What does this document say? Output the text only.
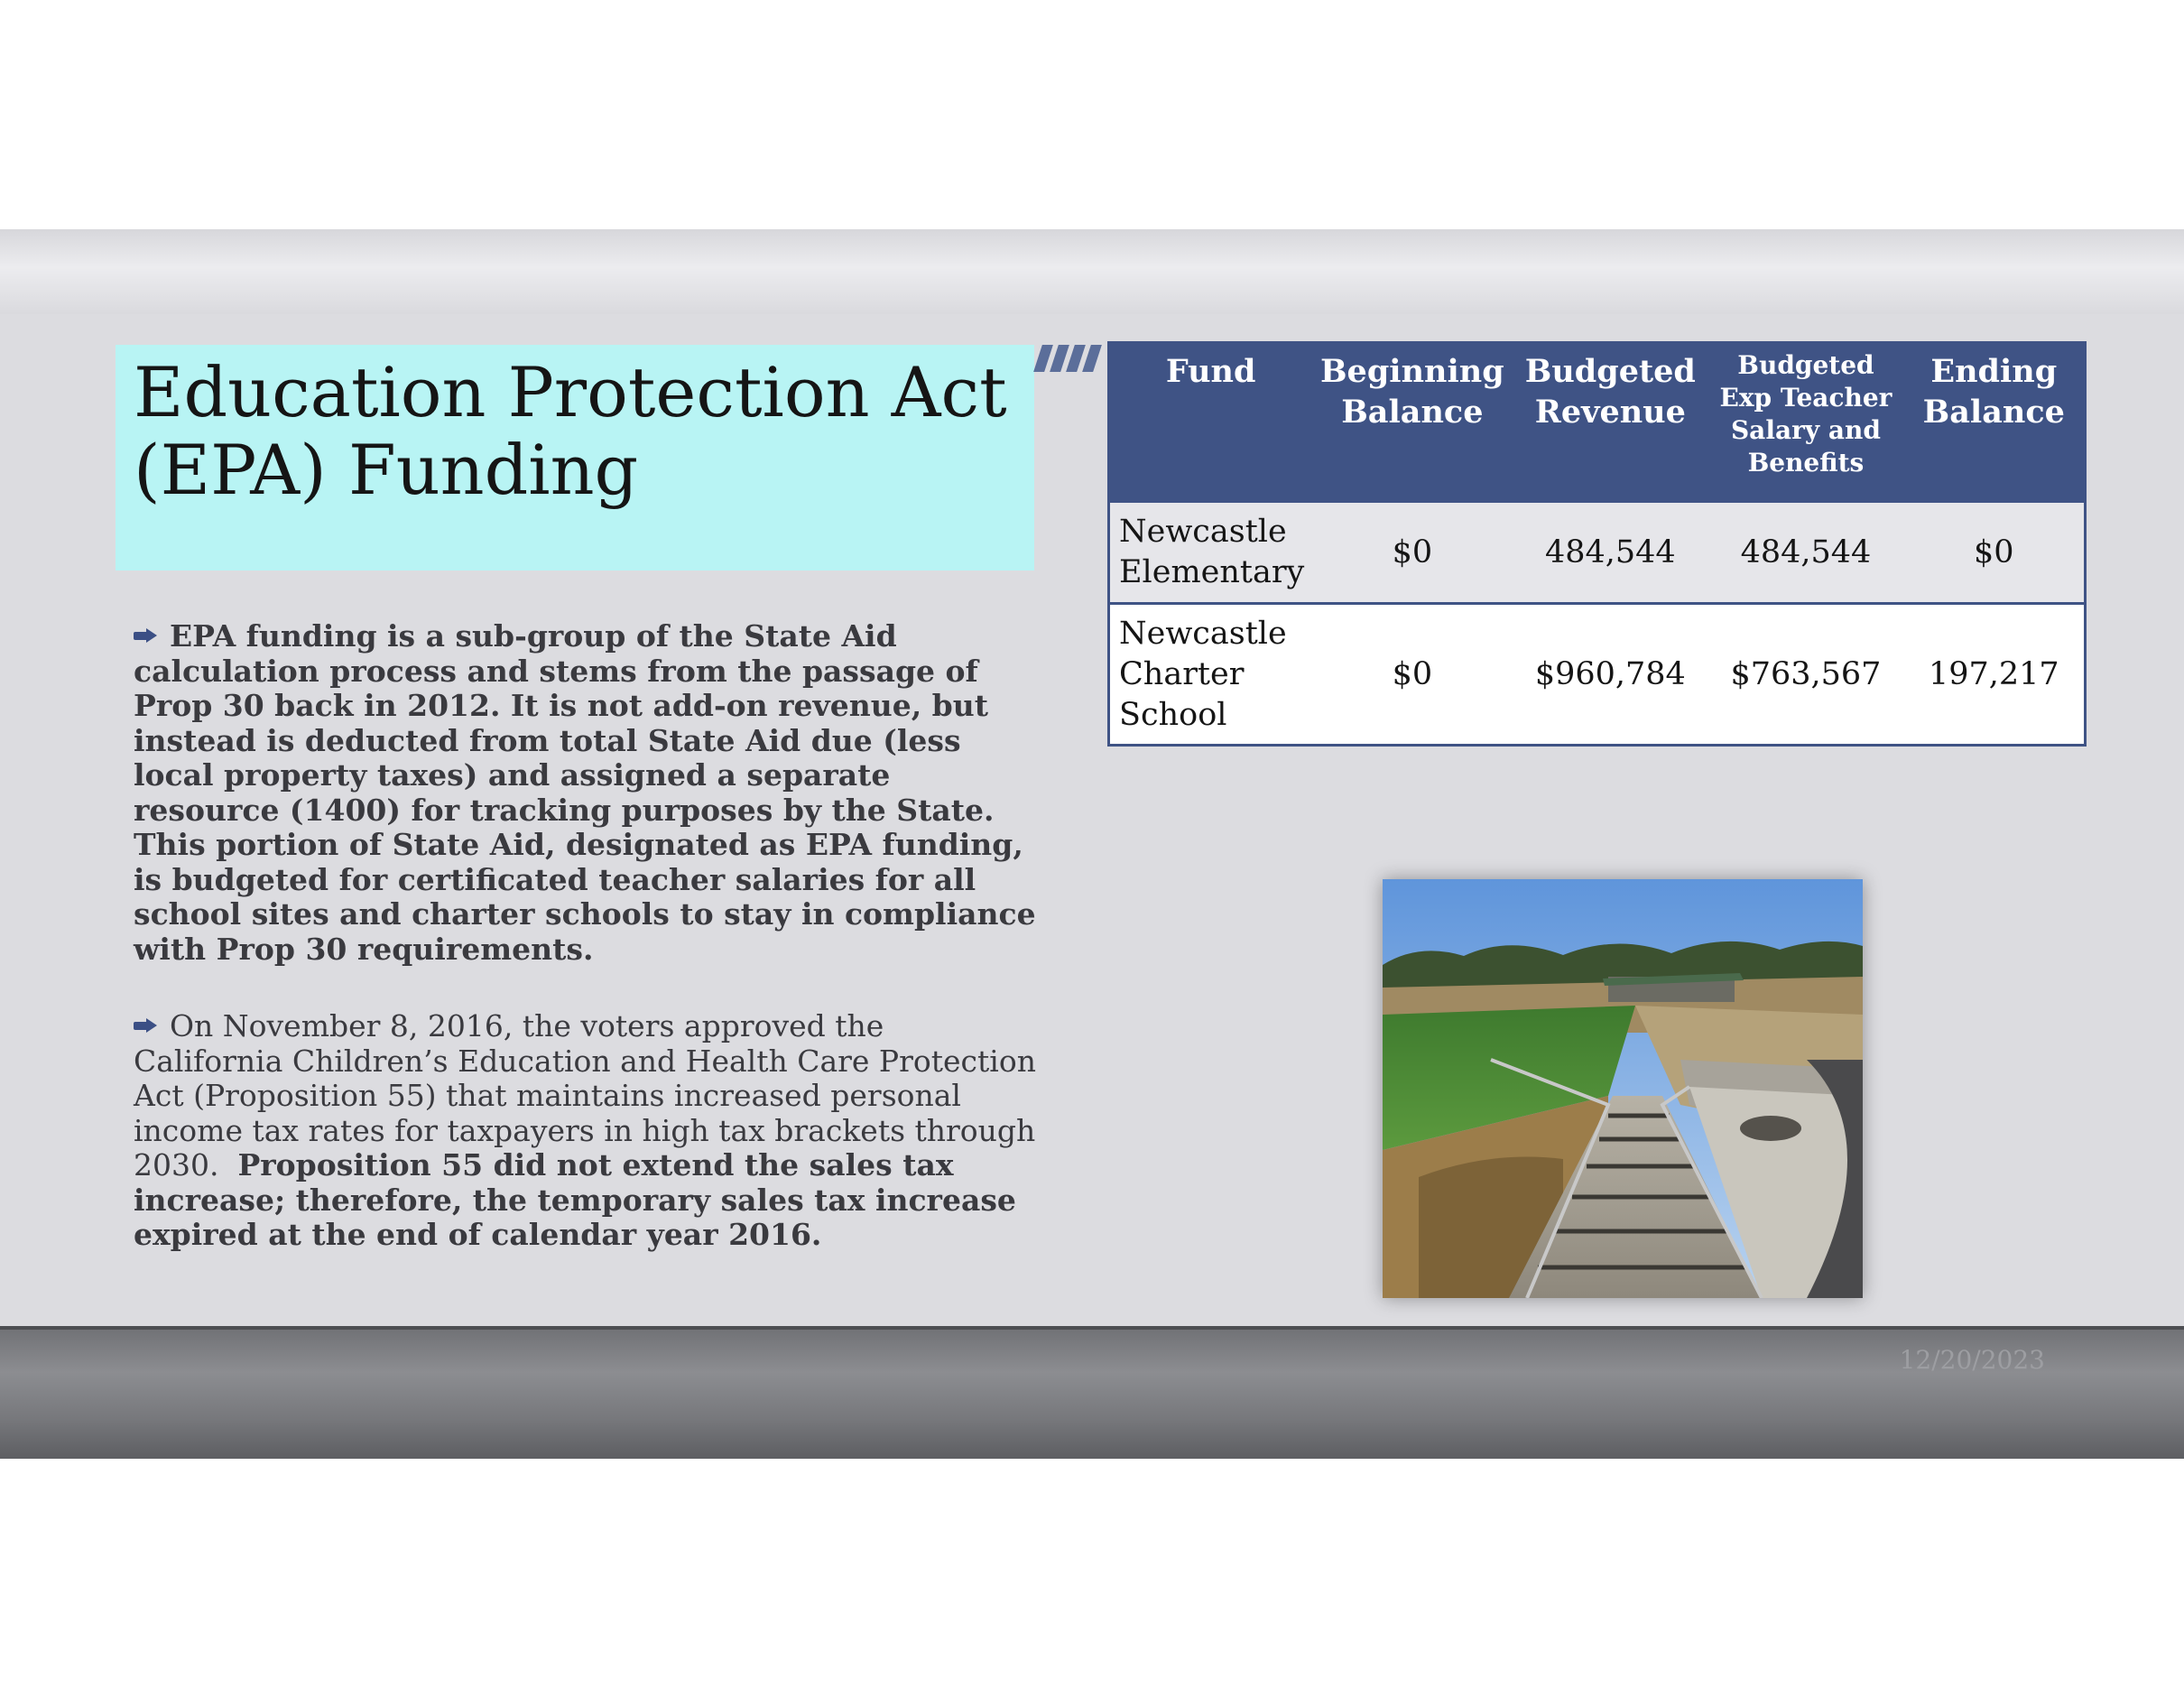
Education Protection Act (EPA) Funding

EPA funding is a sub-group of the State Aid calculation process and stems from the passage of Prop 30 back in 2012. It is not add-on revenue, but instead is deducted from total State Aid due (less local property taxes) and assigned a separate resource (1400) for tracking purposes by the State. This portion of State Aid, designated as EPA funding, is budgeted for certificated teacher salaries for all school sites and charter schools to stay in compliance with Prop 30 requirements.

On November 8, 2016, the voters approved the California Children’s Education and Health Care Protection Act (Proposition 55) that maintains increased personal income tax rates for taxpayers in high tax brackets through 2030. Proposition 55 did not extend the sales tax increase; therefore, the temporary sales tax increase expired at the end of calendar year 2016.

Fund	Beginning Balance	Budgeted Revenue	Budgeted Exp Teacher Salary and Benefits	Ending Balance
Newcastle Elementary	$0	484,544	484,544	$0
Newcastle Charter School	$0	$960,784	$763,567	197,217
12/20/2023
